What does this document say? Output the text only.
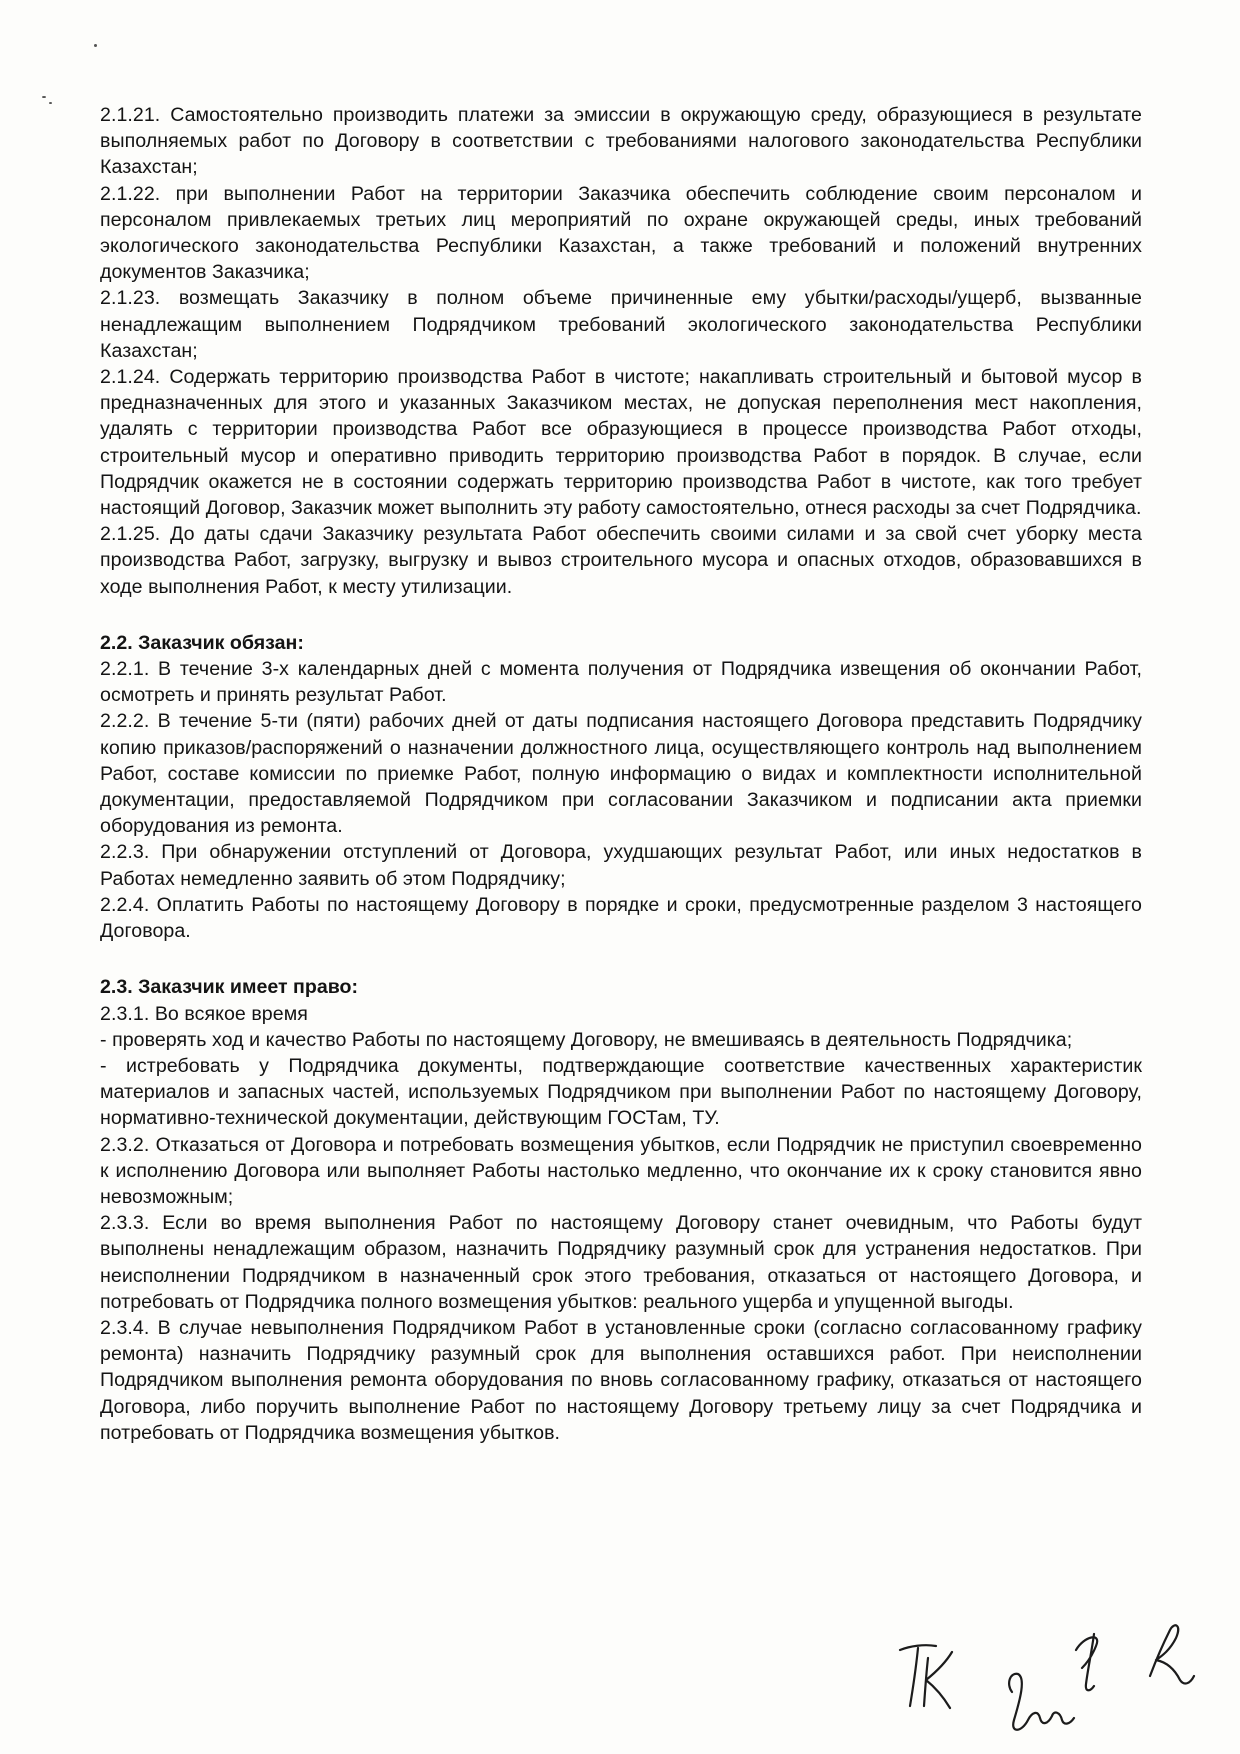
2.1.21. Самостоятельно производить платежи за эмиссии в окружающую среду, образующиеся в результате выполняемых работ по Договору в соответствии с требованиями налогового законодательства Республики Казахстан;

2.1.22. при выполнении Работ на территории Заказчика обеспечить соблюдение своим персоналом и персоналом привлекаемых третьих лиц мероприятий по охране окружающей среды, иных требований экологического законодательства Республики Казахстан, а также требований и положений внутренних документов Заказчика;

2.1.23. возмещать Заказчику в полном объеме причиненные ему убытки/расходы/ущерб, вызванные ненадлежащим выполнением Подрядчиком требований экологического законодательства Республики Казахстан;

2.1.24. Содержать территорию производства Работ в чистоте; накапливать строительный и бытовой мусор в предназначенных для этого и указанных Заказчиком местах, не допуская переполнения мест накопления, удалять с территории производства Работ все образующиеся в процессе производства Работ отходы, строительный мусор и оперативно приводить территорию производства Работ в порядок. В случае, если Подрядчик окажется не в состоянии содержать территорию производства Работ в чистоте, как того требует настоящий Договор, Заказчик может выполнить эту работу самостоятельно, отнеся расходы за счет Подрядчика.

2.1.25. До даты сдачи Заказчику результата Работ обеспечить своими силами и за свой счет уборку места производства Работ, загрузку, выгрузку и вывоз строительного мусора и опасных отходов, образовавшихся в ходе выполнения Работ, к месту утилизации.

2.2. Заказчик обязан:

2.2.1. В течение 3-х календарных дней с момента получения от Подрядчика извещения об окончании Работ, осмотреть и принять результат Работ.

2.2.2. В течение 5-ти (пяти) рабочих дней от даты подписания настоящего Договора представить Подрядчику копию приказов/распоряжений о назначении должностного лица, осуществляющего контроль над выполнением Работ, составе комиссии по приемке Работ, полную информацию о видах и комплектности исполнительной документации, предоставляемой Подрядчиком при согласовании Заказчиком и подписании акта приемки оборудования из ремонта.

2.2.3. При обнаружении отступлений от Договора, ухудшающих результат Работ, или иных недостатков в Работах немедленно заявить об этом Подрядчику;

2.2.4. Оплатить Работы по настоящему Договору в порядке и сроки, предусмотренные разделом 3 настоящего Договора.

2.3. Заказчик имеет право:

2.3.1. Во всякое время

- проверять ход и качество Работы по настоящему Договору, не вмешиваясь в деятельность Подрядчика;

- истребовать у Подрядчика документы, подтверждающие соответствие качественных характеристик материалов и запасных частей, используемых Подрядчиком при выполнении Работ по настоящему Договору, нормативно-технической документации, действующим ГОСТам, ТУ.

2.3.2. Отказаться от Договора и потребовать возмещения убытков, если Подрядчик не приступил своевременно к исполнению Договора или выполняет Работы настолько медленно, что окончание их к сроку становится явно невозможным;

2.3.3. Если во время выполнения Работ по настоящему Договору станет очевидным, что Работы будут выполнены ненадлежащим образом, назначить Подрядчику разумный срок для устранения недостатков. При неисполнении Подрядчиком в назначенный срок этого требования, отказаться от настоящего Договора, и потребовать от Подрядчика полного возмещения убытков: реального ущерба и упущенной выгоды.

2.3.4. В случае невыполнения Подрядчиком Работ в установленные сроки (согласно согласованному графику ремонта) назначить Подрядчику разумный срок для выполнения оставшихся работ. При неисполнении Подрядчиком выполнения ремонта оборудования по вновь согласованному графику, отказаться от настоящего Договора, либо поручить выполнение Работ по настоящему Договору третьему лицу за счет Подрядчика и потребовать от Подрядчика возмещения убытков.
